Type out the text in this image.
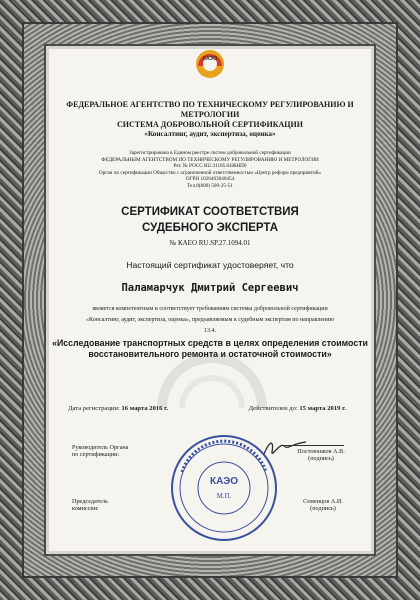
КАЭО
ФЕДЕРАЛЬНОЕ АГЕНТСТВО ПО ТЕХНИЧЕСКОМУ РЕГУЛИРОВАНИЮ И МЕТРОЛОГИИ
СИСТЕМА ДОБРОВОЛЬНОЙ СЕРТИФИКАЦИИ
«Консалтинг, аудит, экспертиза, оценка»
Зарегистрирована в Едином реестре систем добровольной сертификации
ФЕДЕРАЛЬНЫМ АГЕНТСТВОМ ПО ТЕХНИЧЕСКОМУ РЕГУЛИРОВАНИЮ И МЕТРОЛОГИИ
Рег. № РОСС RU.З1185.04ЖНП0
Орган по сертификации Общество с ограниченной ответственностью «Центр реформ предприятий»
ОГРН 1026403040454
Тел.8(800) 500-25-51
СЕРТИФИКАТ СООТВЕТСТВИЯ
СУДЕБНОГО ЭКСПЕРТА
№ КАЕО RU.SP.27.1094.01
Настоящий сертификат удостоверяет, что
Паламарчук Дмитрий Сергеевич
является компетентным и соответствует требованиям системы добровольной сертификации
«Консалтинг, аудит, экспертиза, оценка», предъявляемым к судебным экспертам по направлению
13.4.
«Исследование транспортных средств в целях определения стоимости восстановительного ремонта и остаточной стоимости»
Дата регистрации: 16 марта 2016 г.	Действителен до: 15 марта 2019 г.
Руководитель Органа
по сертификации:	Постоюшков А.В.
(подпись)
КАЭО
М.П.
Председатель
комиссии:
Семенцов А.И.
(подпись)
